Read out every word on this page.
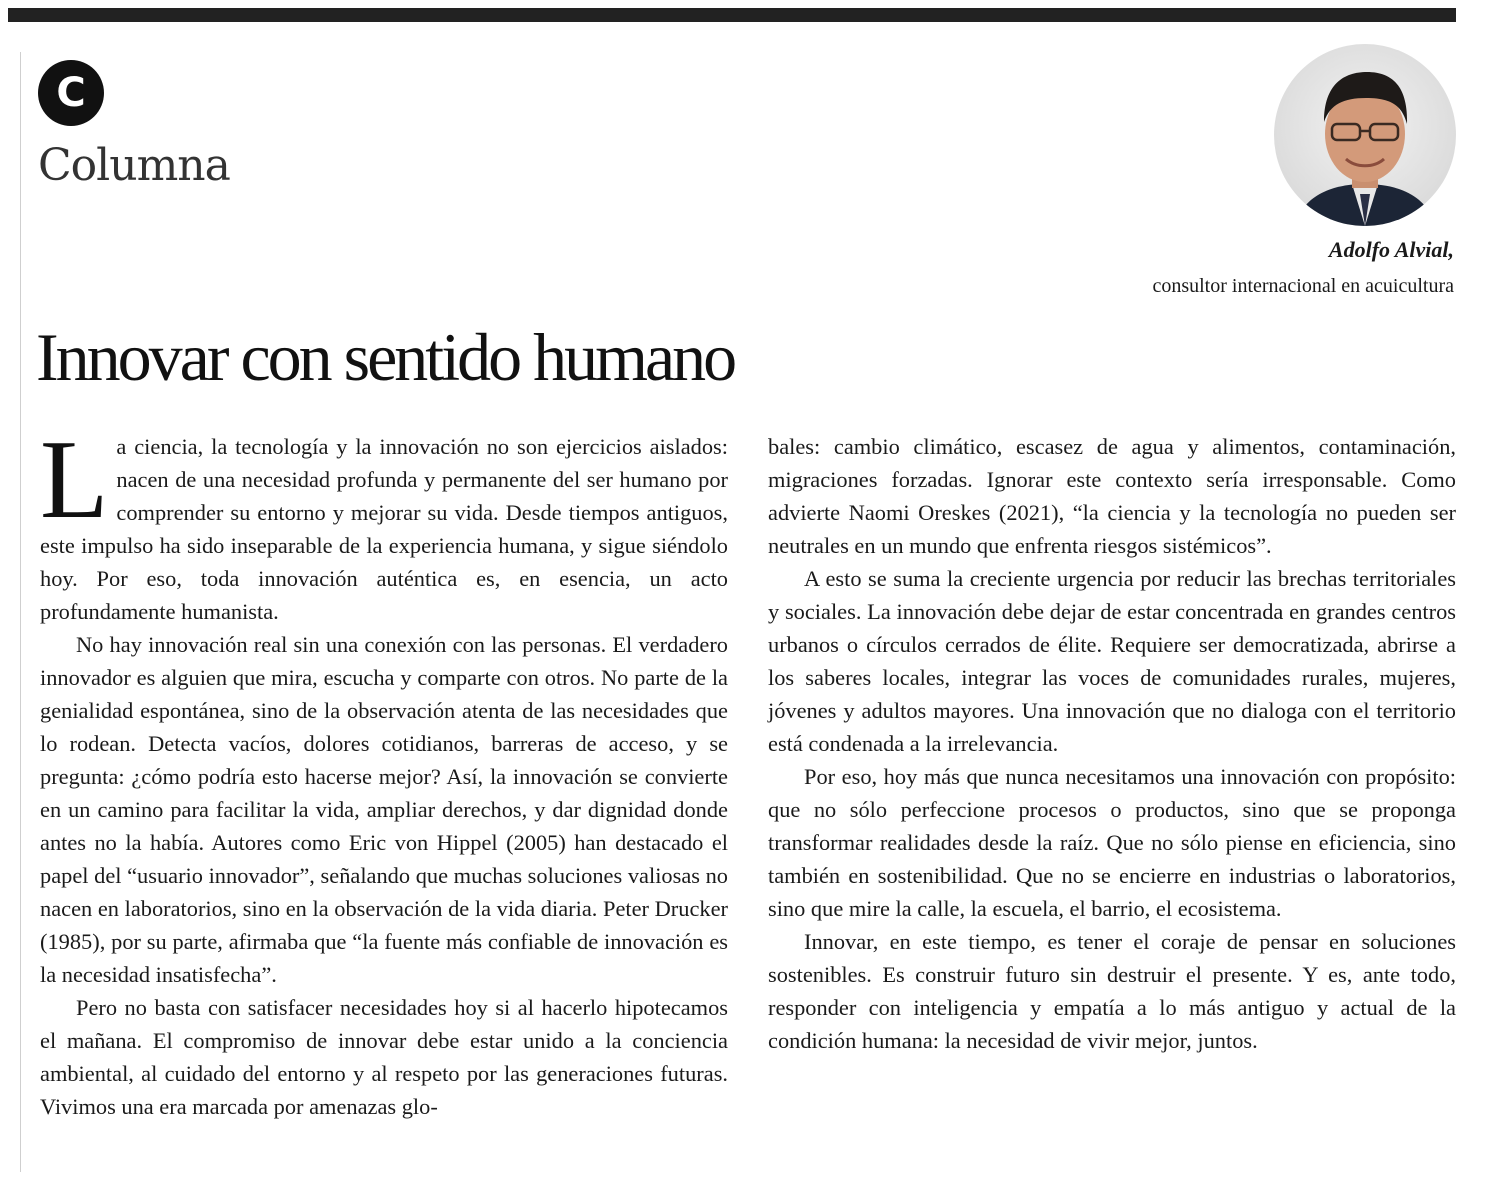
C
Columna
Adolfo Alvial,
consultor internacional en acuicultura
Innovar con sentido humano

La ciencia, la tecnología y la innovación no son ejercicios aislados: nacen de una necesidad profunda y permanente del ser humano por comprender su entorno y mejorar su vida. Desde tiempos antiguos, este impulso ha sido inseparable de la experiencia humana, y sigue siéndolo hoy. Por eso, toda innovación auténtica es, en esencia, un acto profundamente humanista.

No hay innovación real sin una conexión con las personas. El verdadero innovador es alguien que mira, escucha y comparte con otros. No parte de la genialidad espontánea, sino de la observación atenta de las necesidades que lo rodean. Detecta vacíos, dolores cotidianos, barreras de acceso, y se pregunta: ¿cómo podría esto hacerse mejor? Así, la innovación se convierte en un camino para facilitar la vida, ampliar derechos, y dar dignidad donde antes no la había. Autores como Eric von Hippel (2005) han destacado el papel del “usuario innovador”, señalando que muchas soluciones valiosas no nacen en laboratorios, sino en la observación de la vida diaria. Peter Drucker (1985), por su parte, afirmaba que “la fuente más confiable de innovación es la necesidad insatisfecha”.

Pero no basta con satisfacer necesidades hoy si al hacerlo hipotecamos el mañana. El compromiso de innovar debe estar unido a la conciencia ambiental, al cuidado del entorno y al respeto por las generaciones futuras. Vivimos una era marcada por amenazas glo-

bales: cambio climático, escasez de agua y alimentos, contaminación, migraciones forzadas. Ignorar este contexto sería irresponsable. Como advierte Naomi Oreskes (2021), “la ciencia y la tecnología no pueden ser neutrales en un mundo que enfrenta riesgos sistémicos”.

A esto se suma la creciente urgencia por reducir las brechas territoriales y sociales. La innovación debe dejar de estar concentrada en grandes centros urbanos o círculos cerrados de élite. Requiere ser democratizada, abrirse a los saberes locales, integrar las voces de comunidades rurales, mujeres, jóvenes y adultos mayores. Una innovación que no dialoga con el territorio está condenada a la irrelevancia.

Por eso, hoy más que nunca necesitamos una innovación con propósito: que no sólo perfeccione procesos o productos, sino que se proponga transformar realidades desde la raíz. Que no sólo piense en eficiencia, sino también en sostenibilidad. Que no se encierre en industrias o laboratorios, sino que mire la calle, la escuela, el barrio, el ecosistema.

Innovar, en este tiempo, es tener el coraje de pensar en soluciones sostenibles. Es construir futuro sin destruir el presente. Y es, ante todo, responder con inteligencia y empatía a lo más antiguo y actual de la condición humana: la necesidad de vivir mejor, juntos.
